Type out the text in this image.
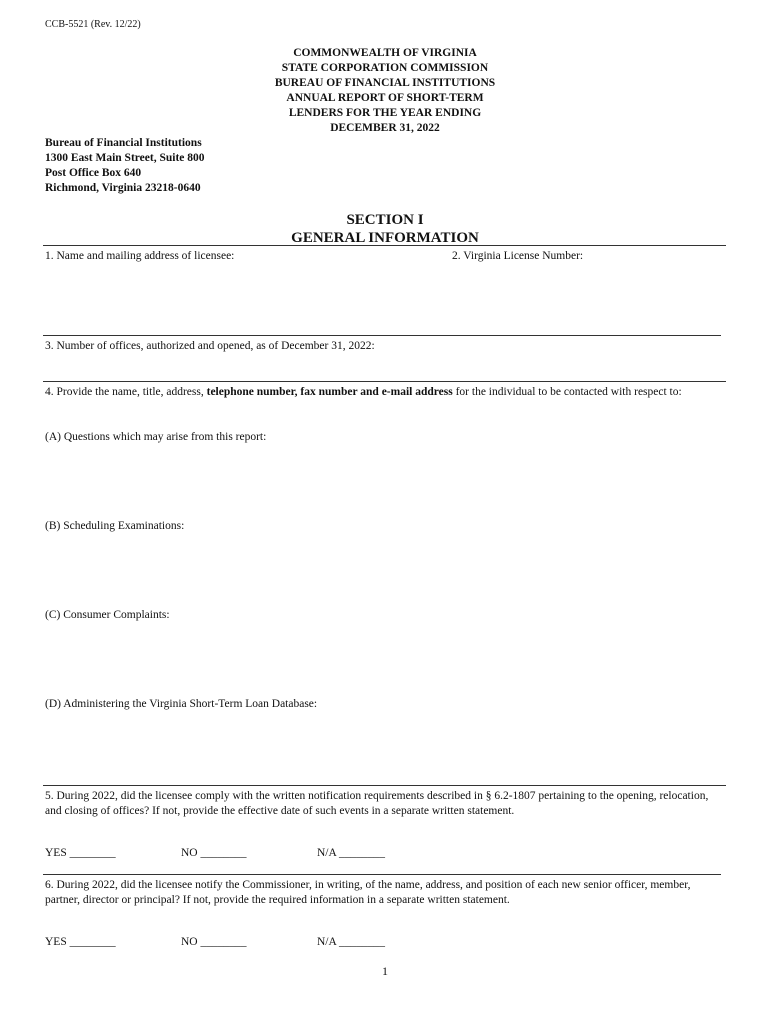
CCB-5521 (Rev. 12/22)
COMMONWEALTH OF VIRGINIA
STATE CORPORATION COMMISSION
BUREAU OF FINANCIAL INSTITUTIONS
ANNUAL REPORT OF SHORT-TERM
LENDERS FOR THE YEAR ENDING
DECEMBER 31, 2022
Bureau of Financial Institutions
1300 East Main Street, Suite 800
Post Office Box 640
Richmond, Virginia 23218-0640
SECTION I
GENERAL INFORMATION
1. Name and mailing address of licensee:	2. Virginia License Number:
3. Number of offices, authorized and opened, as of December 31, 2022:
4. Provide the name, title, address, telephone number, fax number and e-mail address for the individual to be contacted with respect to:
(A) Questions which may arise from this report:
(B) Scheduling Examinations:
(C) Consumer Complaints:
(D) Administering the Virginia Short-Term Loan Database:
5. During 2022, did the licensee comply with the written notification requirements described in § 6.2-1807 pertaining to the opening, relocation, and closing of offices? If not, provide the effective date of such events in a separate written statement.
YES ________	NO ________	N/A ________
6. During 2022, did the licensee notify the Commissioner, in writing, of the name, address, and position of each new senior officer, member, partner, director or principal? If not, provide the required information in a separate written statement.
YES ________	NO ________	N/A ________
1
